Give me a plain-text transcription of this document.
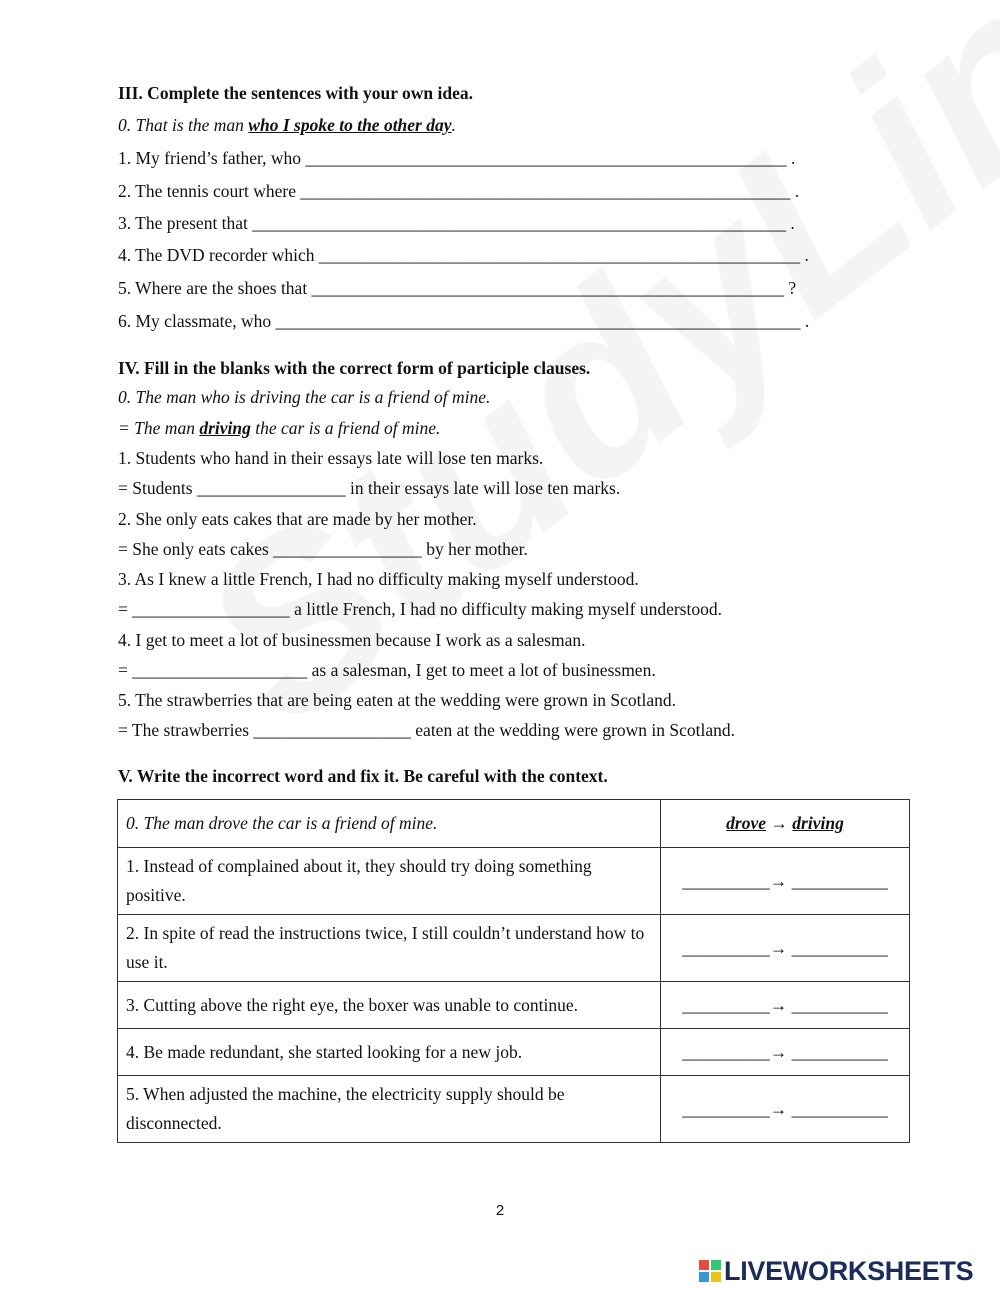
III. Complete the sentences with your own idea.
0. That is the man who I spoke to the other day.
1. My friend’s father, who _______________________________________________________ .
2. The tennis court where ________________________________________________________ .
3. The present that _____________________________________________________________ .
4. The DVD recorder which _______________________________________________________ .
5. Where are the shoes that ______________________________________________________ ?
6. My classmate, who ____________________________________________________________ .
IV. Fill in the blanks with the correct form of participle clauses.
0. The man who is driving the car is a friend of mine.
= The man driving the car is a friend of mine.
1. Students who hand in their essays late will lose ten marks.
= Students _________________ in their essays late will lose ten marks.
2. She only eats cakes that are made by her mother.
= She only eats cakes _________________ by her mother.
3. As I knew a little French, I had no difficulty making myself understood.
= __________________ a little French, I had no difficulty making myself understood.
4. I get to meet a lot of businessmen because I work as a salesman.
= ____________________ as a salesman, I get to meet a lot of businessmen.
5. The strawberries that are being eaten at the wedding were grown in Scotland.
= The strawberries __________________ eaten at the wedding were grown in Scotland.
V. Write the incorrect word and fix it. Be careful with the context.
0. The man drove the car is a friend of mine.	drove → driving
1. Instead of complained about it, they should try doing something positive.	__________→ ___________
2. In spite of read the instructions twice, I still couldn’t understand how to use it.	__________→ ___________
3. Cutting above the right eye, the boxer was unable to continue.	__________→ ___________
4. Be made redundant, she started looking for a new job.	__________→ ___________
5. When adjusted the machine, the electricity supply should be disconnected.	__________→ ___________
2
LIVEWORKSHEETS
